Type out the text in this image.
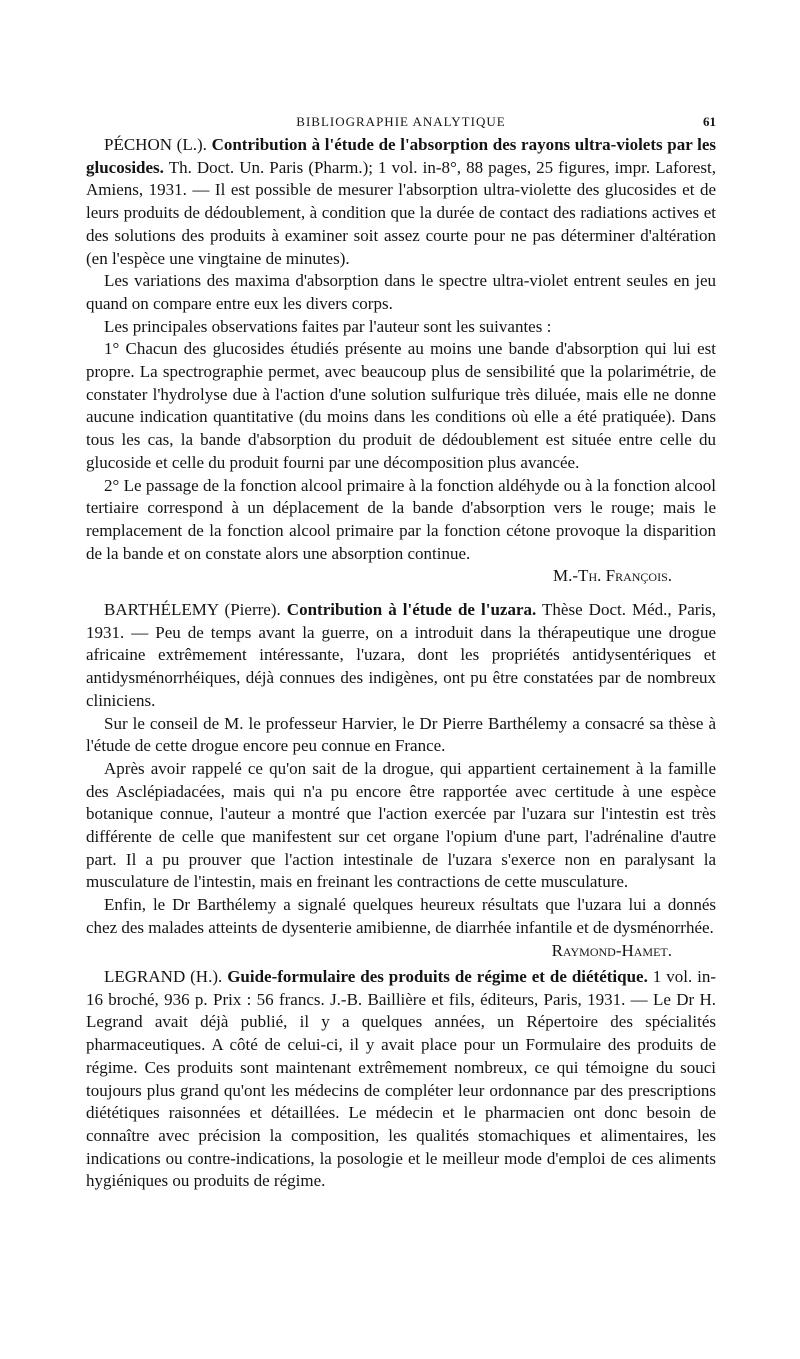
BIBLIOGRAPHIE ANALYTIQUE	61

PÉCHON (L.). Contribution à l'étude de l'absorption des rayons ultra-violets par les glucosides. Th. Doct. Un. Paris (Pharm.); 1 vol. in-8°, 88 pages, 25 figures, impr. Laforest, Amiens, 1931. — Il est possible de mesurer l'absorption ultra-violette des glucosides et de leurs produits de dédoublement, à condition que la durée de contact des radiations actives et des solutions des produits à examiner soit assez courte pour ne pas déterminer d'altération (en l'espèce une vingtaine de minutes).

Les variations des maxima d'absorption dans le spectre ultra-violet entrent seules en jeu quand on compare entre eux les divers corps.

Les principales observations faites par l'auteur sont les suivantes :

1° Chacun des glucosides étudiés présente au moins une bande d'absorption qui lui est propre. La spectrographie permet, avec beaucoup plus de sensibilité que la polarimétrie, de constater l'hydrolyse due à l'action d'une solution sulfurique très diluée, mais elle ne donne aucune indication quantitative (du moins dans les conditions où elle a été pratiquée). Dans tous les cas, la bande d'absorption du produit de dédoublement est située entre celle du glucoside et celle du produit fourni par une décomposition plus avancée.

2° Le passage de la fonction alcool primaire à la fonction aldéhyde ou à la fonction alcool tertiaire correspond à un déplacement de la bande d'absorption vers le rouge; mais le remplacement de la fonction alcool primaire par la fonction cétone provoque la disparition de la bande et on constate alors une absorption continue.

M.-Th. François.

BARTHÉLEMY (Pierre). Contribution à l'étude de l'uzara. Thèse Doct. Méd., Paris, 1931. — Peu de temps avant la guerre, on a introduit dans la thérapeutique une drogue africaine extrêmement intéressante, l'uzara, dont les propriétés antidysentériques et antidysménorrhéiques, déjà connues des indigènes, ont pu être constatées par de nombreux cliniciens.

Sur le conseil de M. le professeur Harvier, le Dr Pierre Barthélemy a consacré sa thèse à l'étude de cette drogue encore peu connue en France.

Après avoir rappelé ce qu'on sait de la drogue, qui appartient certainement à la famille des Asclépiadacées, mais qui n'a pu encore être rapportée avec certitude à une espèce botanique connue, l'auteur a montré que l'action exercée par l'uzara sur l'intestin est très différente de celle que manifestent sur cet organe l'opium d'une part, l'adrénaline d'autre part. Il a pu prouver que l'action intestinale de l'uzara s'exerce non en paralysant la musculature de l'intestin, mais en freinant les contractions de cette musculature.

Enfin, le Dr Barthélemy a signalé quelques heureux résultats que l'uzara lui a donnés chez des malades atteints de dysenterie amibienne, de diarrhée infantile et de dysménorrhée.

Raymond-Hamet.

LEGRAND (H.). Guide-formulaire des produits de régime et de diététique. 1 vol. in-16 broché, 936 p. Prix : 56 francs. J.-B. Baillière et fils, éditeurs, Paris, 1931. — Le Dr H. Legrand avait déjà publié, il y a quelques années, un Répertoire des spécialités pharmaceutiques. A côté de celui-ci, il y avait place pour un Formulaire des produits de régime. Ces produits sont maintenant extrêmement nombreux, ce qui témoigne du souci toujours plus grand qu'ont les médecins de compléter leur ordonnance par des prescriptions diététiques raisonnées et détaillées. Le médecin et le pharmacien ont donc besoin de connaître avec précision la composition, les qualités stomachiques et alimentaires, les indications ou contre-indications, la posologie et le meilleur mode d'emploi de ces aliments hygiéniques ou produits de régime.
